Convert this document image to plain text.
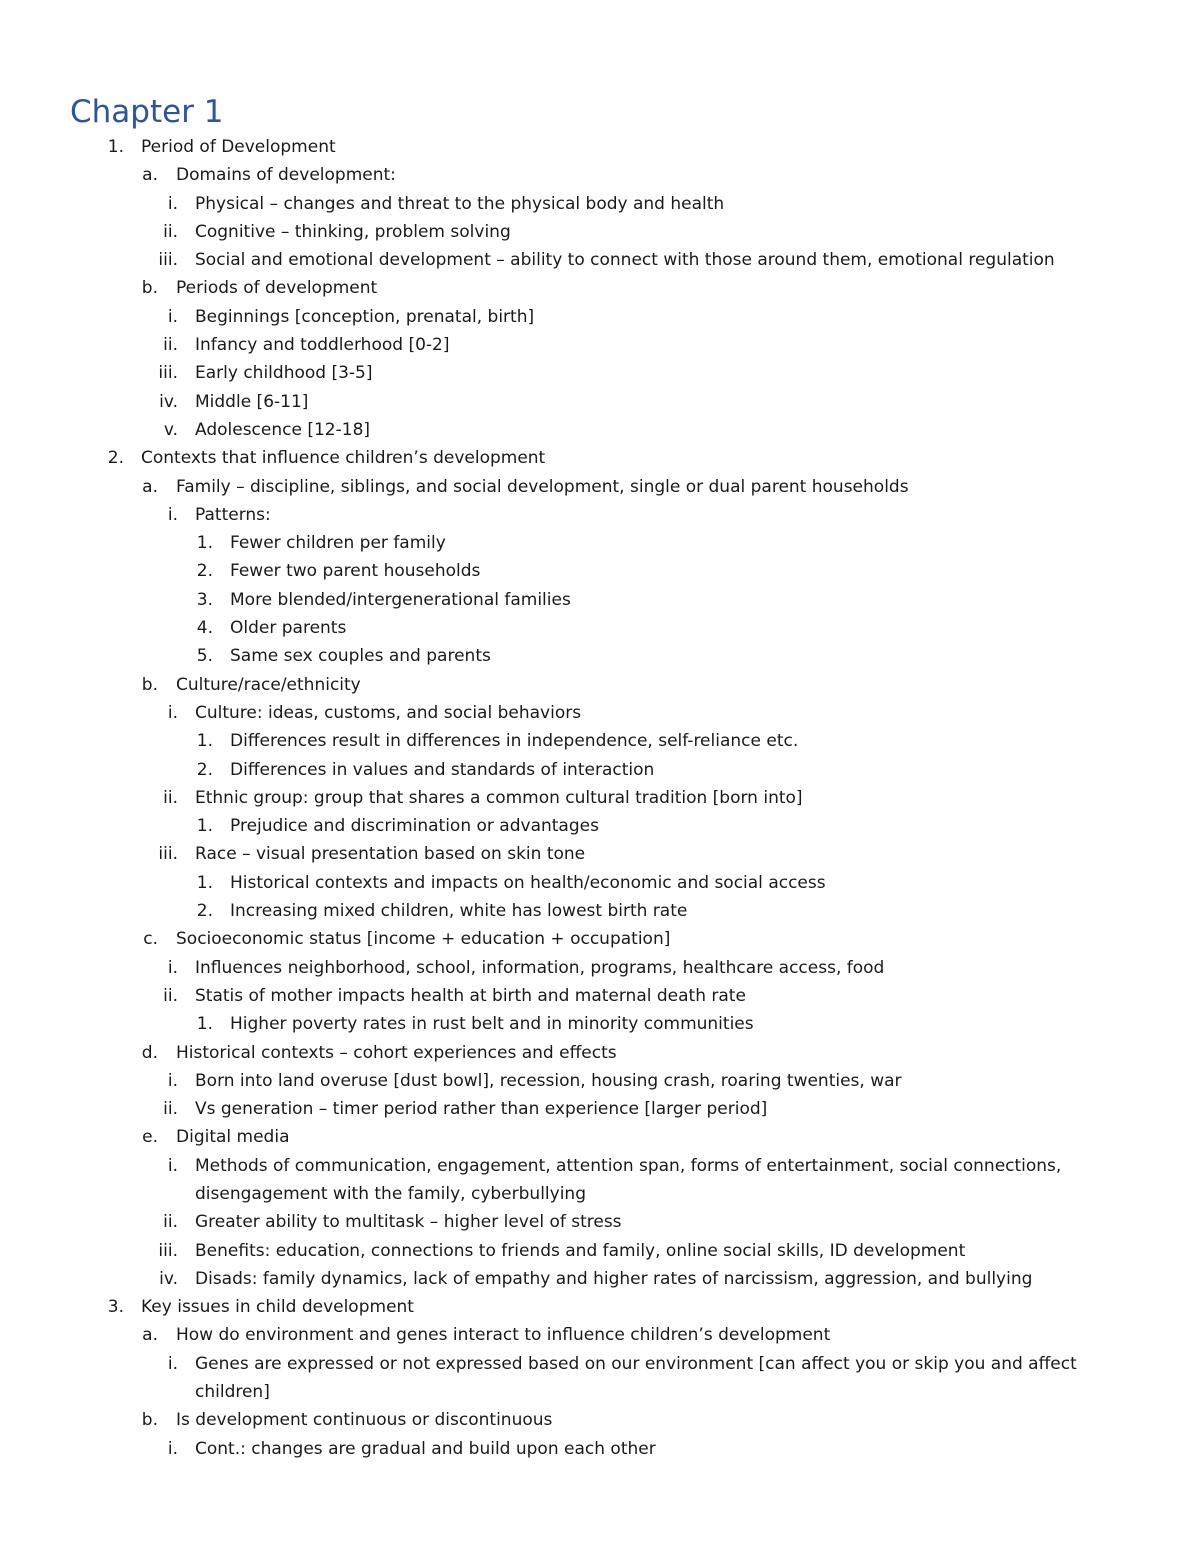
Chapter 1
1. Period of Development
a. Domains of development:
i. Physical – changes and threat to the physical body and health
ii. Cognitive – thinking, problem solving
iii. Social and emotional development – ability to connect with those around them, emotional regulation
b. Periods of development
i. Beginnings [conception, prenatal, birth]
ii. Infancy and toddlerhood [0-2]
iii. Early childhood [3-5]
iv. Middle [6-11]
v. Adolescence [12-18]
2. Contexts that influence children’s development
a. Family – discipline, siblings, and social development, single or dual parent households
i. Patterns:
1. Fewer children per family
2. Fewer two parent households
3. More blended/intergenerational families
4. Older parents
5. Same sex couples and parents
b. Culture/race/ethnicity
i. Culture: ideas, customs, and social behaviors
1. Differences result in differences in independence, self-reliance etc.
2. Differences in values and standards of interaction
ii. Ethnic group: group that shares a common cultural tradition [born into]
1. Prejudice and discrimination or advantages
iii. Race – visual presentation based on skin tone
1. Historical contexts and impacts on health/economic and social access
2. Increasing mixed children, white has lowest birth rate
c. Socioeconomic status [income + education + occupation]
i. Influences neighborhood, school, information, programs, healthcare access, food
ii. Statis of mother impacts health at birth and maternal death rate
1. Higher poverty rates in rust belt and in minority communities
d. Historical contexts – cohort experiences and effects
i. Born into land overuse [dust bowl], recession, housing crash, roaring twenties, war
ii. Vs generation – timer period rather than experience [larger period]
e. Digital media
i. Methods of communication, engagement, attention span, forms of entertainment, social connections,
disengagement with the family, cyberbullying
ii. Greater ability to multitask – higher level of stress
iii. Benefits: education, connections to friends and family, online social skills, ID development
iv. Disads: family dynamics, lack of empathy and higher rates of narcissism, aggression, and bullying
3. Key issues in child development
a. How do environment and genes interact to influence children’s development
i. Genes are expressed or not expressed based on our environment [can affect you or skip you and affect
children]
b. Is development continuous or discontinuous
i. Cont.: changes are gradual and build upon each other
